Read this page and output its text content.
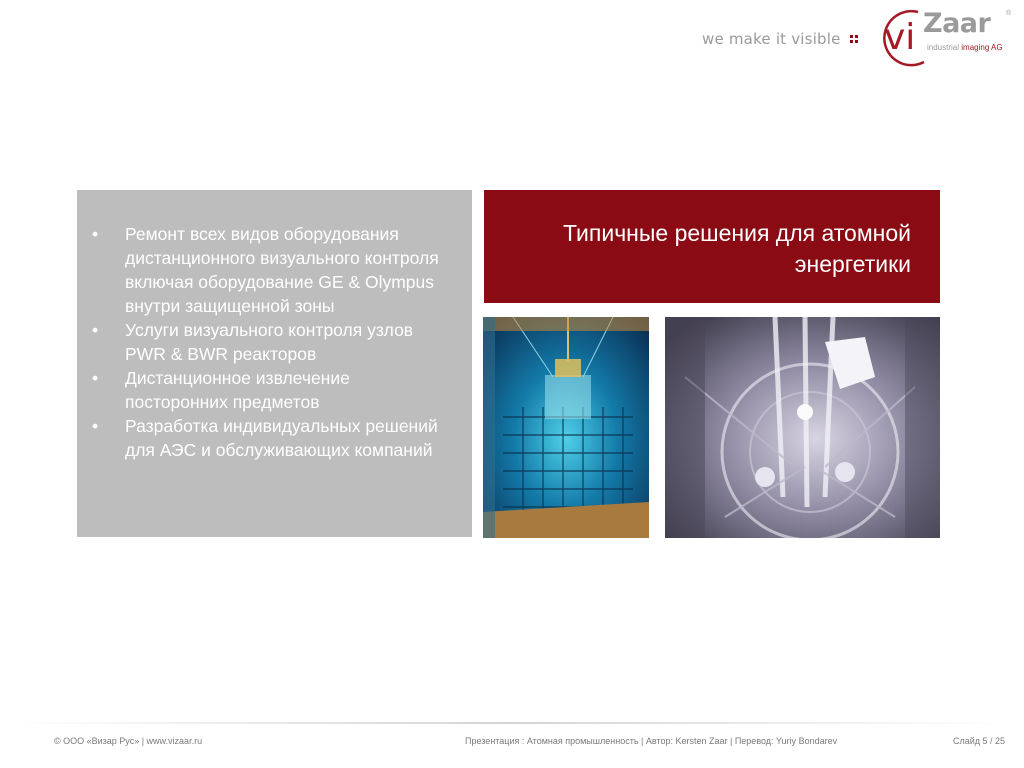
we make it visible vi Zaar ®
industrial imaging AG
• Ремонт всех видов оборудования дистанционного визуального контроля включая оборудование GE & Olympus внутри защищенной зоны
• Услуги визуального контроля узлов PWR & BWR реакторов
• Дистанционное извлечение посторонних предметов
• Разработка индивидуальных решений для АЭС и обслуживающих компаний
Типичные решения для атомной
энергетики
© ООО «Визар Рус» | www.vizaar.ru	Презентация : Атомная промышленность | Автор: Kersten Zaar | Перевод: Yuriy Bondarev	Слайд 5 / 25
